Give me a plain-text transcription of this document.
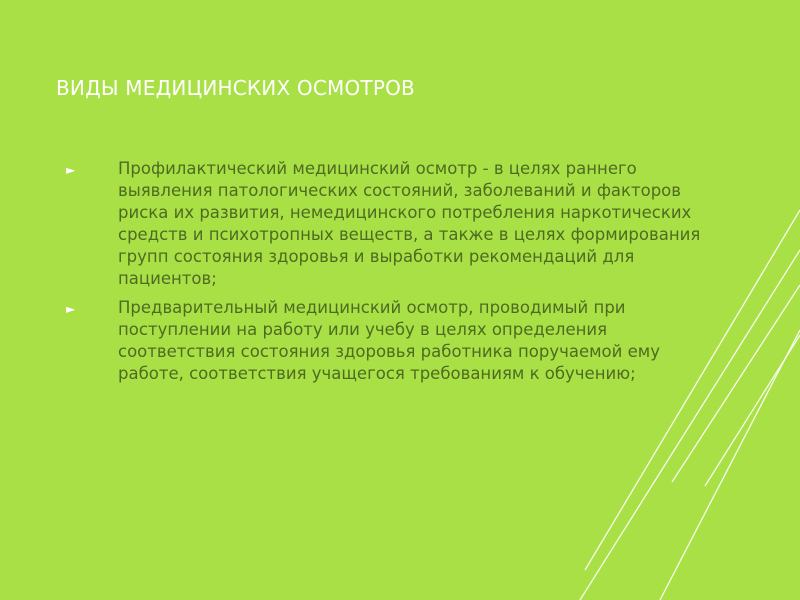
ВИДЫ МЕДИЦИНСКИХ ОСМОТРОВ
►	Профилактический медицинский осмотр - в целях раннего выявления патологических состояний, заболеваний и факторов риска их развития, немедицинского потребления наркотических средств и психотропных веществ, а также в целях формирования групп состояния здоровья и выработки рекомендаций для пациентов;
►	Предварительный медицинский осмотр, проводимый при поступлении на работу или учебу в целях определения соответствия состояния здоровья работника поручаемой ему работе, соответствия учащегося требованиям к обучению;
